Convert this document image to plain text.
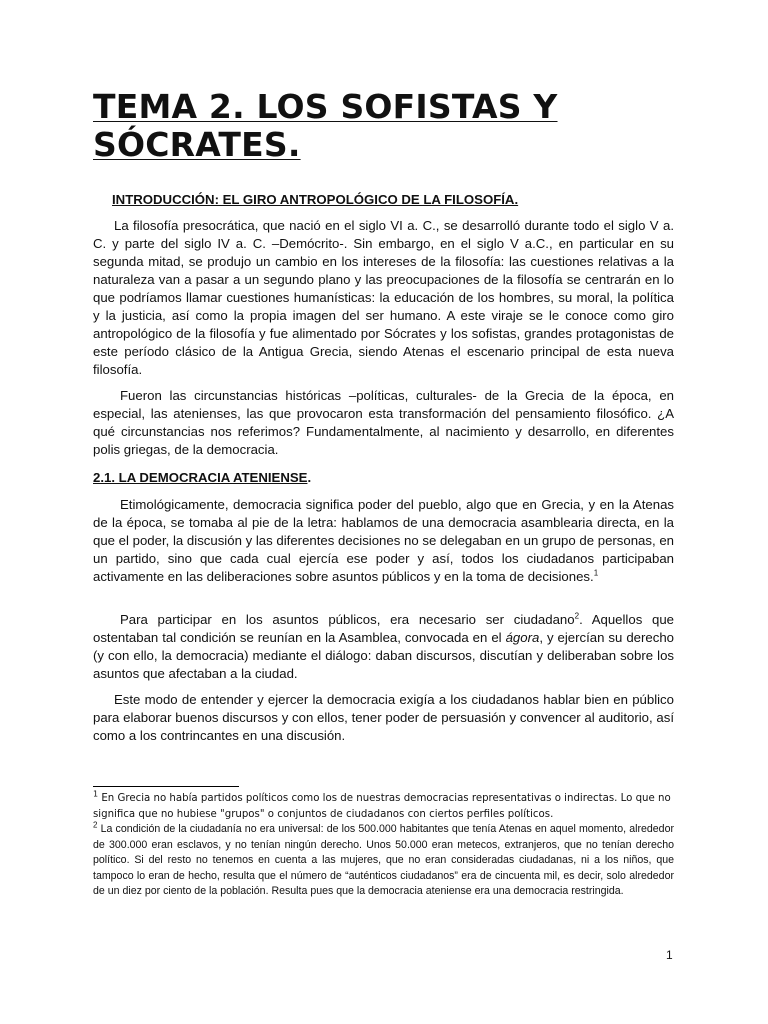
TEMA 2. LOS SOFISTAS Y SÓCRATES.

INTRODUCCIÓN: EL GIRO ANTROPOLÓGICO DE LA FILOSOFÍA.

La filosofía presocrática, que nació en el siglo VI a. C., se desarrolló durante todo el siglo V a. C. y parte del siglo IV a. C. –Demócrito-. Sin embargo, en el siglo V a.C., en particular en su segunda mitad, se produjo un cambio en los intereses de la filosofía: las cuestiones relativas a la naturaleza van a pasar a un segundo plano y las preocupaciones de la filosofía se centrarán en lo que podríamos llamar cuestiones humanísticas: la educación de los hombres, su moral, la política y la justicia, así como la propia imagen del ser humano. A este viraje se le conoce como giro antropológico de la filosofía y fue alimentado por Sócrates y los sofistas, grandes protagonistas de este período clásico de la Antigua Grecia, siendo Atenas el escenario principal de esta nueva filosofía.

Fueron las circunstancias históricas –políticas, culturales- de la Grecia de la época, en especial, las atenienses, las que provocaron esta transformación del pensamiento filosófico. ¿A qué circunstancias nos referimos? Fundamentalmente, al nacimiento y desarrollo, en diferentes polis griegas, de la democracia.

2.1. LA DEMOCRACIA ATENIENSE.

Etimológicamente, democracia significa poder del pueblo, algo que en Grecia, y en la Atenas de la época, se tomaba al pie de la letra: hablamos de una democracia asamblearia directa, en la que el poder, la discusión y las diferentes decisiones no se delegaban en un grupo de personas, en un partido, sino que cada cual ejercía ese poder y así, todos los ciudadanos participaban activamente en las deliberaciones sobre asuntos públicos y en la toma de decisiones.$^1$

Para participar en los asuntos públicos, era necesario ser ciudadano$^2$. Aquellos que ostentaban tal condición se reunían en la Asamblea, convocada en el ágora, y ejercían su derecho (y con ello, la democracia) mediante el diálogo: daban discursos, discutían y deliberaban sobre los asuntos que afectaban a la ciudad.

Este modo de entender y ejercer la democracia exigía a los ciudadanos hablar bien en público para elaborar buenos discursos y con ellos, tener poder de persuasión y convencer al auditorio, así como a los contrincantes en una discusión.

$^1$ En Grecia no había partidos políticos como los de nuestras democracias representativas o indirectas. Lo que no significa que no hubiese "grupos" o conjuntos de ciudadanos con ciertos perfiles políticos.

$^2$ La condición de la ciudadanía no era universal: de los 500.000 habitantes que tenía Atenas en aquel momento, alrededor de 300.000 eran esclavos, y no tenían ningún derecho. Unos 50.000 eran metecos, extranjeros, que no tenían derecho político. Si del resto no tenemos en cuenta a las mujeres, que no eran consideradas ciudadanas, ni a los niños, que tampoco lo eran de hecho, resulta que el número de “auténticos ciudadanos” era de cincuenta mil, es decir, solo alrededor de un diez por ciento de la población. Resulta pues que la democracia ateniense era una democracia restringida.

1
